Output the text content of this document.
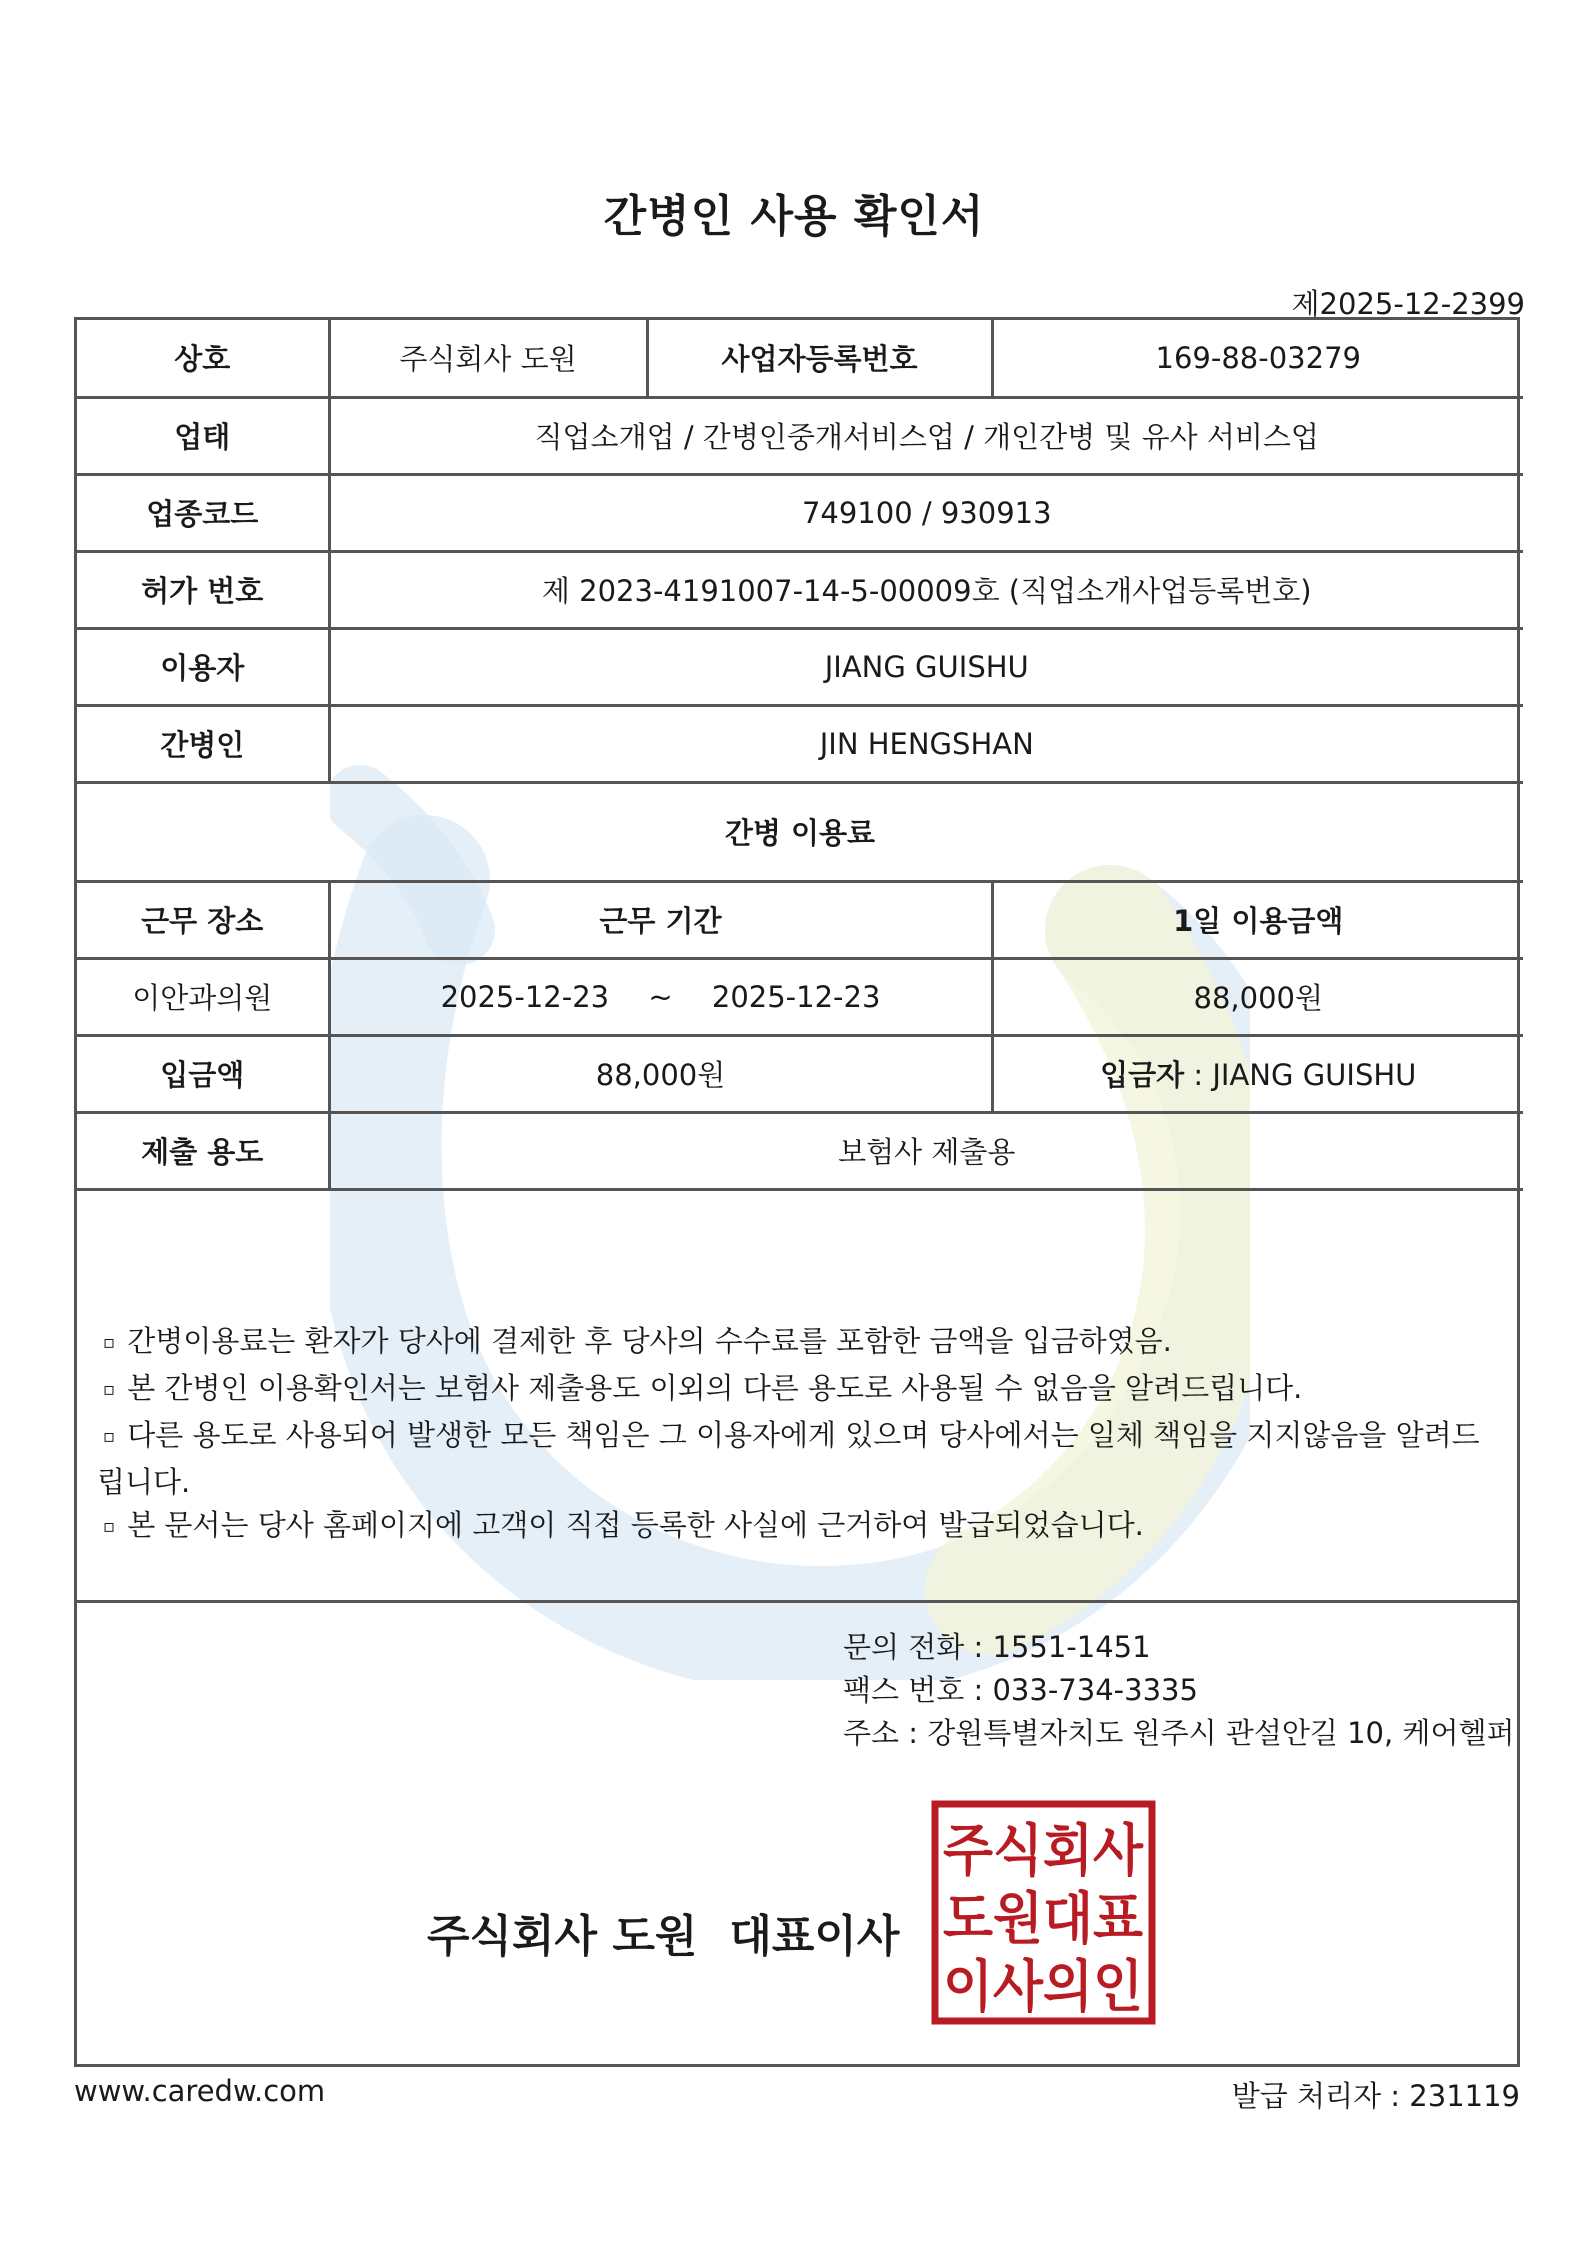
간병인 사용 확인서
제2025-12-2399
상호	주식회사 도원	사업자등록번호	169-88-03279
업태	직업소개업 / 간병인중개서비스업 / 개인간병 및 유사 서비스업		
업종코드	749100 / 930913		
허가 번호	제 2023-4191007-14-5-00009호 (직업소개사업등록번호)		
이용자	JIANG GUISHU		
간병인	JIN HENGSHAN		
간병 이용료			
근무 장소	근무 기간		1일 이용금액
이안과의원	2025-12-23 ~ 2025-12-23		88,000원
입금액	88,000원		입금자 : JIANG GUISHU
제출 용도	보험사 제출용		

▫ 간병이용료는 환자가 당사에 결제한 후 당사의 수수료를 포함한 금액을 입금하였음.

▫ 본 간병인 이용확인서는 보험사 제출용도 이외의 다른 용도로 사용될 수 없음을 알려드립니다.

▫ 다른 용도로 사용되어 발생한 모든 책임은 그 이용자에게 있으며 당사에서는 일체 책임을 지지않음을 알려드립니다.

▫ 본 문서는 당사 홈페이지에 고객이 직접 등록한 사실에 근거하여 발급되었습니다.

문의 전화 : 1551-1451

팩스 번호 : 033-734-3335

주소 : 강원특별자치도 원주시 관설안길 10, 케어헬퍼

주식회사 도원 대표이사
주식회사
도원대표
이사의인
www.caredw.com	발급 처리자 : 231119
